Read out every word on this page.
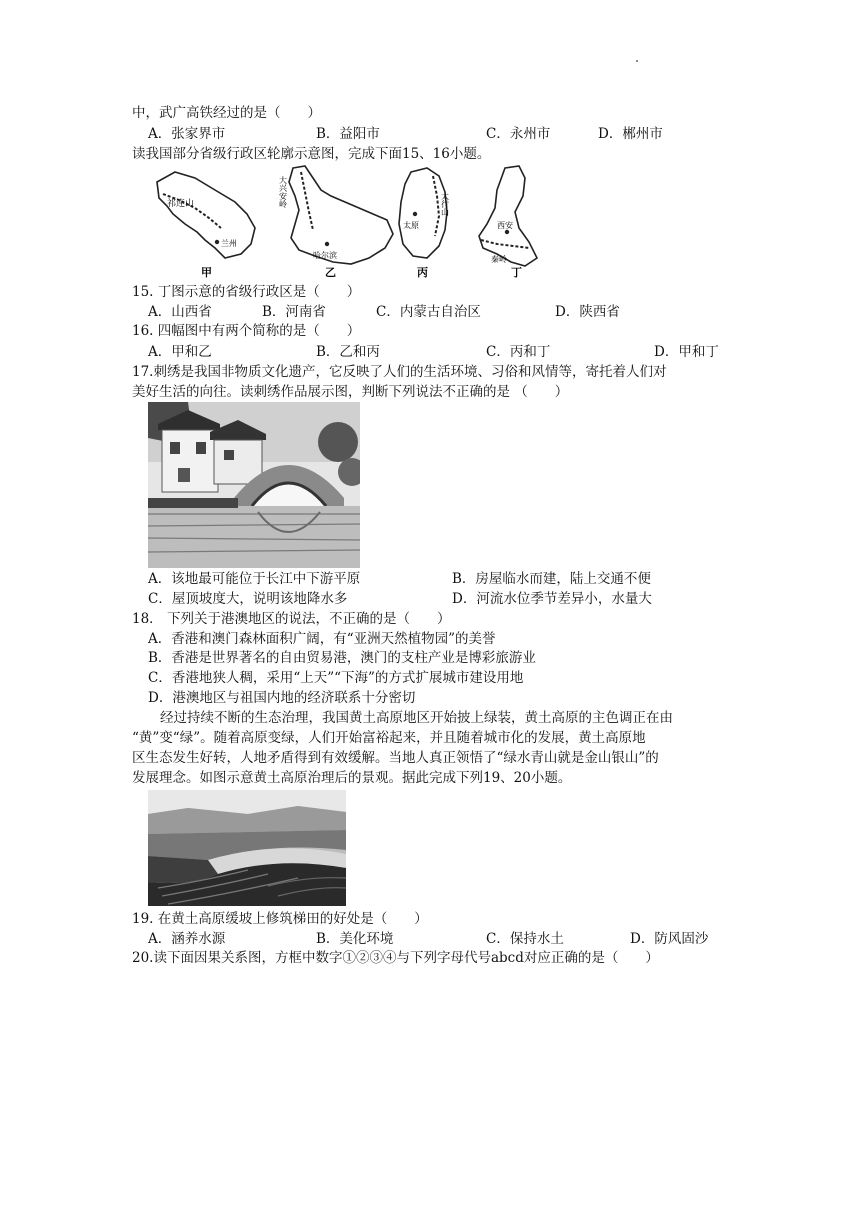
中，武广高铁经过的是（　　）
A．张家界市	B．益阳市	C．永州市	D．郴州市
读我国部分省级行政区轮廓示意图，完成下面15、16小题。
祁连山
兰州
甲
大兴安岭
哈尔滨
乙
太行山
太原
丙
西安
秦岭
丁
15. 丁图示意的省级行政区是（　　）
A．山西省	B．河南省	C．内蒙古自治区	D．陕西省
16. 四幅图中有两个简称的是（　　）
A．甲和乙	B．乙和丙	C．丙和丁	D．甲和丁
17.刺绣是我国非物质文化遗产，它反映了人们的生活环境、习俗和风情等，寄托着人们对
美好生活的向往。读刺绣作品展示图，判断下列说法不正确的是 （　　）
A．该地最可能位于长江中下游平原	B．房屋临水而建，陆上交通不便
C．屋顶坡度大，说明该地降水多	D．河流水位季节差异小，水量大
18． 下列关于港澳地区的说法，不正确的是（　　）
A．香港和澳门森林面积广阔，有“亚洲天然植物园”的美誉
B．香港是世界著名的自由贸易港，澳门的支柱产业是博彩旅游业
C．香港地狭人稠，采用“上天”“下海”的方式扩展城市建设用地
D．港澳地区与祖国内地的经济联系十分密切
经过持续不断的生态治理，我国黄土高原地区开始披上绿装，黄土高原的主色调正在由
“黄”变“绿”。随着高原变绿，人们开始富裕起来，并且随着城市化的发展，黄土高原地
区生态发生好转，人地矛盾得到有效缓解。当地人真正领悟了“绿水青山就是金山银山”的
发展理念。如图示意黄土高原治理后的景观。据此完成下列19、20小题。
19. 在黄土高原缓坡上修筑梯田的好处是（　　）
A．涵养水源	B．美化环境	C．保持水土	D．防风固沙
20.读下面因果关系图，方框中数字①②③④与下列字母代号abcd对应正确的是（　　）
